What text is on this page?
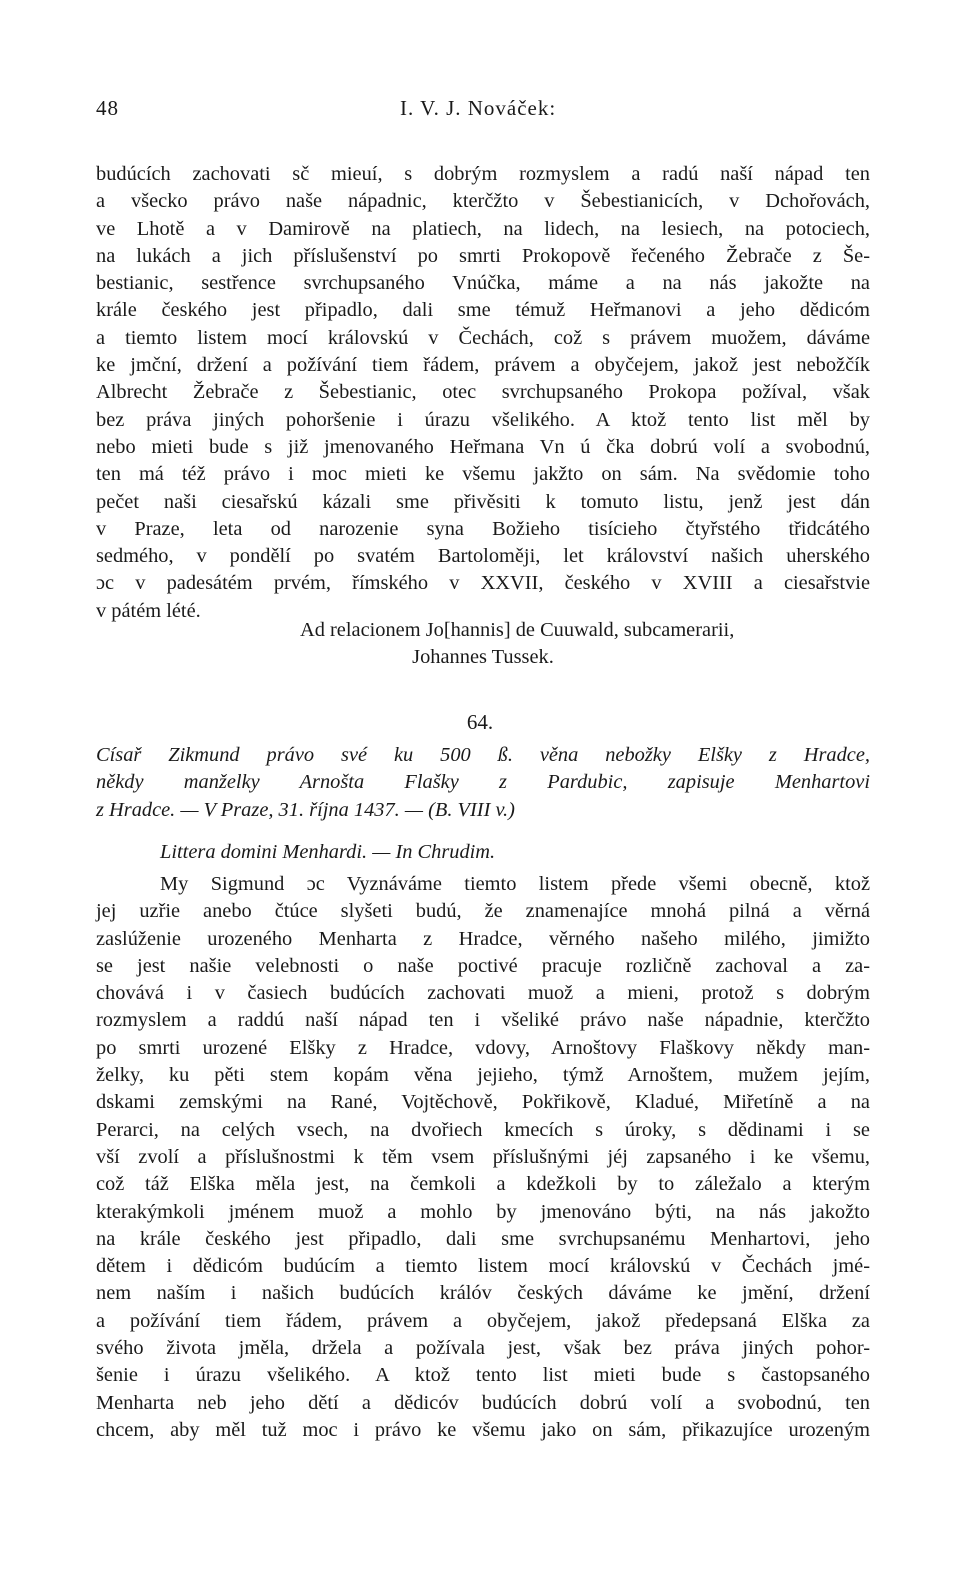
48	I. V. J. Nováček:
budúcích zachovati sč mieuí, s dobrým rozmyslem a radú naší nápad ten
a všecko právo naše nápadnic, kterčžto v Šebestianicích, v Dchořovách,
ve Lhotě a v Damirově na platiech, na lidech, na lesiech, na potociech,
na lukách a jich příslušenství po smrti Prokopově řečeného Žebrače z Še-
bestianic, sestřence svrchupsaného Vnúčka, máme a na nás jakožte na
krále českého jest připadlo, dali sme témuž Heřmanovi a jeho dědicóm
a tiemto listem mocí královskú v Čechách, což s právem muožem, dáváme
ke jmční, držení a požívání tiem řádem, právem a obyčejem, jakož jest nebožčík
Albrecht Žebrače z Šebestianic, otec svrchupsaného Prokopa požíval, však
bez práva jiných pohoršenie i úrazu všelikého. A ktož tento list měl by
nebo mieti bude s již jmenovaného Heřmana Vn ú čka dobrú volí a svobodnú,
ten má též právo i moc mieti ke všemu jakžto on sám. Na svědomie toho
pečet naši ciesařskú kázali sme přivěsiti k tomuto listu, jenž jest dán
v Praze, leta od narozenie syna Božieho tisícieho čtyřstého třidcátého
sedmého, v pondělí po svatém Bartoloměji, let království našich uherského
ɔc v padesátém prvém, římského v XXVII, českého v XVIII a ciesařstvie
v pátém lété.
Ad relacionem Jo[hannis] de Cuuwald, subcamerarii,
Johannes Tussek.
64.
Císař Zikmund právo své ku 500 ß. věna nebožky Elšky z Hradce,
někdy manželky Arnošta Flašky z Pardubic, zapisuje Menhartovi
z Hradce. — V Praze, 31. října 1437. — (B. VIII v.)
Littera domini Menhardi. — In Chrudim.
My Sigmund ɔc Vyznáváme tiemto listem přede všemi obecně, ktož
jej uzřie anebo čtúce slyšeti budú, že znamenajíce mnohá pilná a věrná
zaslúženie urozeného Menharta z Hradce, věrného našeho milého, jimižto
se jest našie velebnosti o naše poctivé pracuje rozličně zachoval a za-
chovává i v časiech budúcích zachovati muož a mieni, protož s dobrým
rozmyslem a raddú naší nápad ten i všeliké právo naše nápadnie, kterčžto
po smrti urozené Elšky z Hradce, vdovy, Arnoštovy Flaškovy někdy man-
želky, ku pěti stem kopám věna jejieho, týmž Arnoštem, mužem jejím,
dskami zemskými na Rané, Vojtěchově, Pokřikově, Kladué, Miřetíně a na
Perarci, na celých vsech, na dvořiech kmecích s úroky, s dědinami i se
vší zvolí a příslušnostmi k těm vsem příslušnými jéj zapsaného i ke všemu,
což táž Elška měla jest, na čemkoli a kdežkoli by to záležalo a kterým
kterakýmkoli jménem muož a mohlo by jmenováno býti, na nás jakožto
na krále českého jest připadlo, dali sme svrchupsanému Menhartovi, jeho
dětem i dědicóm budúcím a tiemto listem mocí královskú v Čechách jmé-
nem naším i našich budúcích králóv českých dáváme ke jmění, držení
a požívání tiem řádem, právem a obyčejem, jakož předepsaná Elška za
svého života jměla, držela a požívala jest, však bez práva jiných pohor-
šenie i úrazu všelikého. A ktož tento list mieti bude s častopsaného
Menharta neb jeho dětí a dědicóv budúcích dobrú volí a svobodnú, ten
chcem, aby měl tuž moc i právo ke všemu jako on sám, přikazujíce urozeným
